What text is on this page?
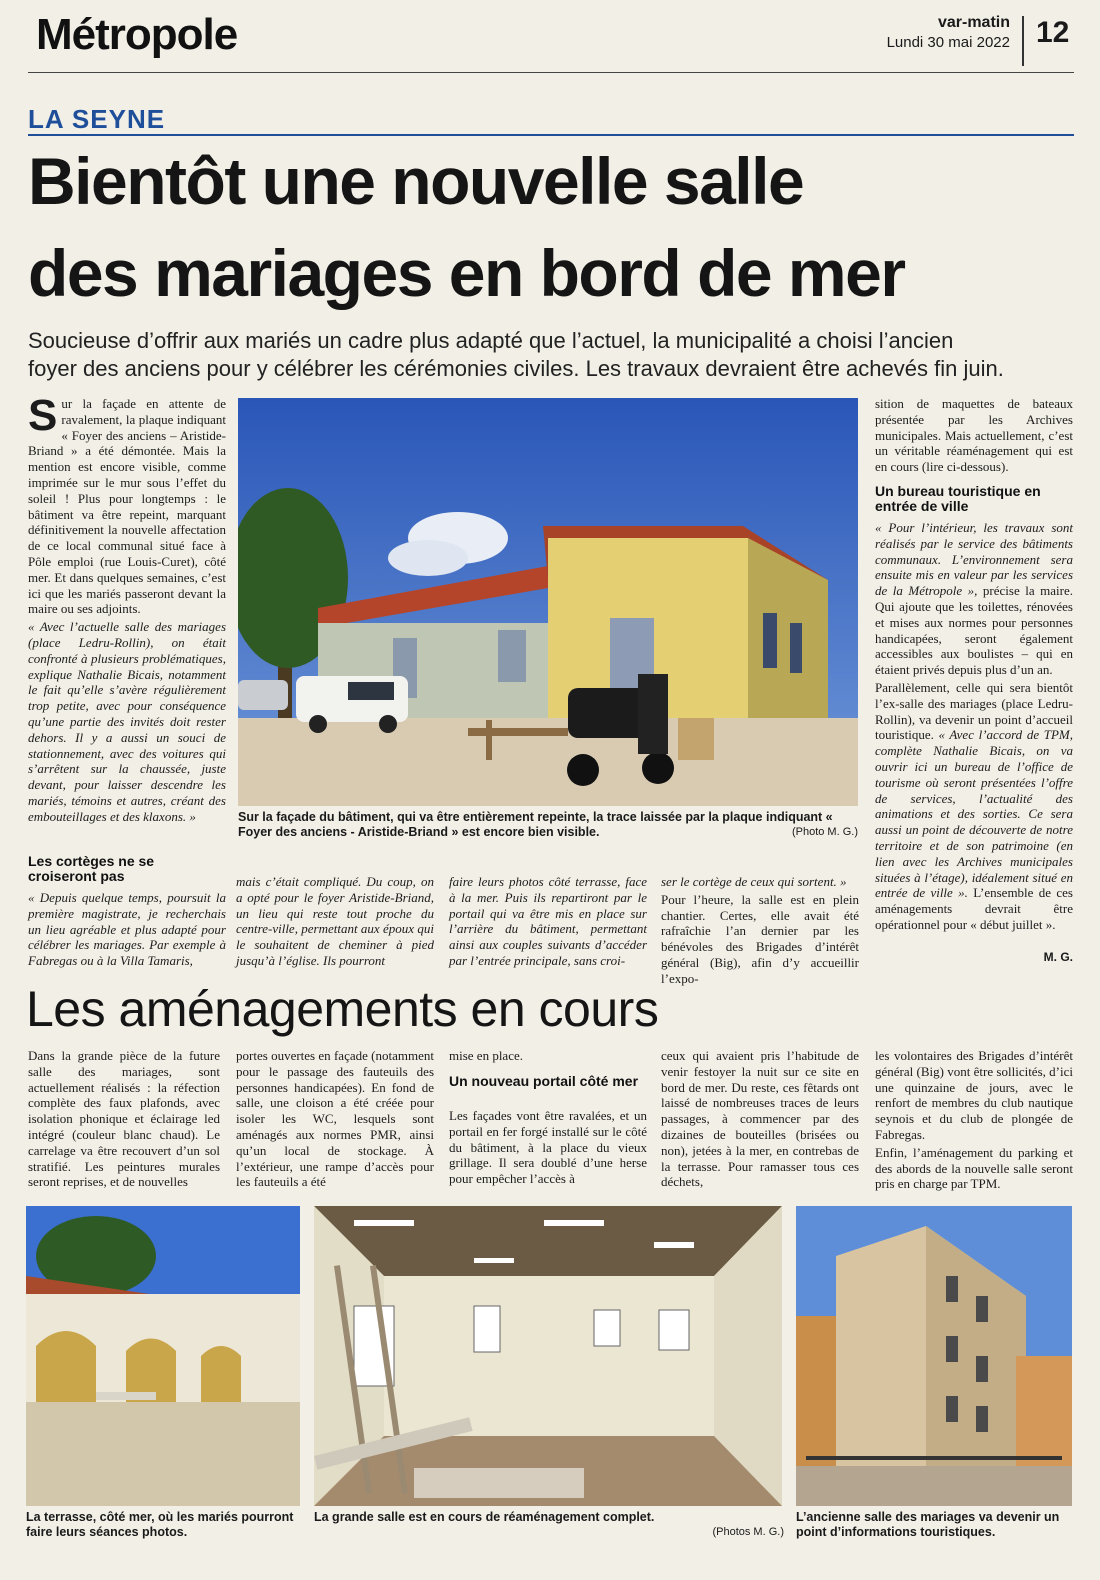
Métropole	var-matin
Lundi 30 mai 2022 12
LA SEYNE
Bientôt une nouvelle salle
des mariages en bord de mer
Soucieuse d’offrir aux mariés un cadre plus adapté que l’actuel, la municipalité a choisi l’ancien
foyer des anciens pour y célébrer les cérémonies civiles. Les travaux devraient être achevés fin juin.

Sur la façade en attente de ravalement, la plaque indiquant « Foyer des anciens – Aristide-Briand » a été démontée. Mais la mention est encore visible, comme imprimée sur le mur sous l’effet du soleil ! Plus pour longtemps : le bâtiment va être repeint, marquant définitivement la nouvelle affectation de ce local communal situé face à Pôle emploi (rue Louis-Curet), côté mer. Et dans quelques semaines, c’est ici que les mariés passeront devant la maire ou ses adjoints.

« Avec l’actuelle salle des mariages (place Ledru-Rollin), on était confronté à plusieurs problématiques, explique Nathalie Bicais, notamment le fait qu’elle s’avère régulièrement trop petite, avec pour conséquence qu’une partie des invités doit rester dehors. Il y a aussi un souci de stationnement, avec des voitures qui s’arrêtent sur la chaussée, juste devant, pour laisser descendre les mariés, témoins et autres, créant des embouteillages et des klaxons. »

Les cortèges ne se croiseront pas

« Depuis quelque temps, poursuit la première magistrate, je recherchais un lieu agréable et plus adapté pour célébrer les mariages. Par exemple à Fabregas ou à la Villa Tamaris,

Sur la façade du bâtiment, qui va être entièrement repeinte, la trace laissée par la plaque indiquant « Foyer des anciens - Aristide-Briand » est encore bien visible.	(Photo M. G.)

mais c’était compliqué. Du coup, on a opté pour le foyer Aristide-Briand, un lieu qui reste tout proche du centre-ville, permettant aux époux qui le souhaitent de cheminer à pied jusqu’à l’église. Ils pourront

faire leurs photos côté terrasse, face à la mer. Puis ils repartiront par le portail qui va être mis en place sur l’arrière du bâtiment, permettant ainsi aux couples suivants d’accéder par l’entrée principale, sans croi-

ser le cortège de ceux qui sortent. »

Pour l’heure, la salle est en plein chantier. Certes, elle avait été rafraîchie l’an dernier par les bénévoles des Brigades d’intérêt général (Big), afin d’y accueillir l’expo-

sition de maquettes de bateaux présentée par les Archives municipales. Mais actuellement, c’est un véritable réaménagement qui est en cours (lire ci-dessous).

Un bureau touristique en entrée de ville

« Pour l’intérieur, les travaux sont réalisés par le service des bâtiments communaux. L’environnement sera ensuite mis en valeur par les services de la Métropole », précise la maire. Qui ajoute que les toilettes, rénovées et mises aux normes pour personnes handicapées, seront également accessibles aux boulistes – qui en étaient privés depuis plus d’un an.

Parallèlement, celle qui sera bientôt l’ex-salle des mariages (place Ledru-Rollin), va devenir un point d’accueil touristique. « Avec l’accord de TPM, complète Nathalie Bicais, on va ouvrir ici un bureau de l’office de tourisme où seront présentées l’offre de services, l’actualité des animations et des sorties. Ce sera aussi un point de découverte de notre territoire et de son patrimoine (en lien avec les Archives municipales situées à l’étage), idéalement situé en entrée de ville ». L’ensemble de ces aménagements devrait être opérationnel pour « début juillet ».

M. G.
Les aménagements en cours

Dans la grande pièce de la future salle des mariages, sont actuellement réalisés : la réfection complète des faux plafonds, avec isolation phonique et éclairage led intégré (couleur blanc chaud). Le carrelage va être recouvert d’un sol stratifié. Les peintures murales seront reprises, et de nouvelles

portes ouvertes en façade (notamment pour le passage des fauteuils des personnes handicapées). En fond de salle, une cloison a été créée pour isoler les WC, lesquels sont aménagés aux normes PMR, ainsi qu’un local de stockage. À l’extérieur, une rampe d’accès pour les fauteuils a été

mise en place.

Un nouveau portail côté mer

Les façades vont être ravalées, et un portail en fer forgé installé sur le côté du bâtiment, à la place du vieux grillage. Il sera doublé d’une herse pour empêcher l’accès à

ceux qui avaient pris l’habitude de venir festoyer la nuit sur ce site en bord de mer. Du reste, ces fêtards ont laissé de nombreuses traces de leurs passages, à commencer par des dizaines de bouteilles (brisées ou non), jetées à la mer, en contrebas de la terrasse. Pour ramasser tous ces déchets,

les volontaires des Brigades d’intérêt général (Big) vont être sollicités, d’ici une quinzaine de jours, avec le renfort de membres du club nautique seynois et du club de plongée de Fabregas.

Enfin, l’aménagement du parking et des abords de la nouvelle salle seront pris en charge par TPM.

La terrasse, côté mer, où les mariés pourront faire leurs séances photos.
La grande salle est en cours de réaménagement complet.
(Photos M. G.)
L’ancienne salle des mariages va devenir un point d’informations touristiques.
